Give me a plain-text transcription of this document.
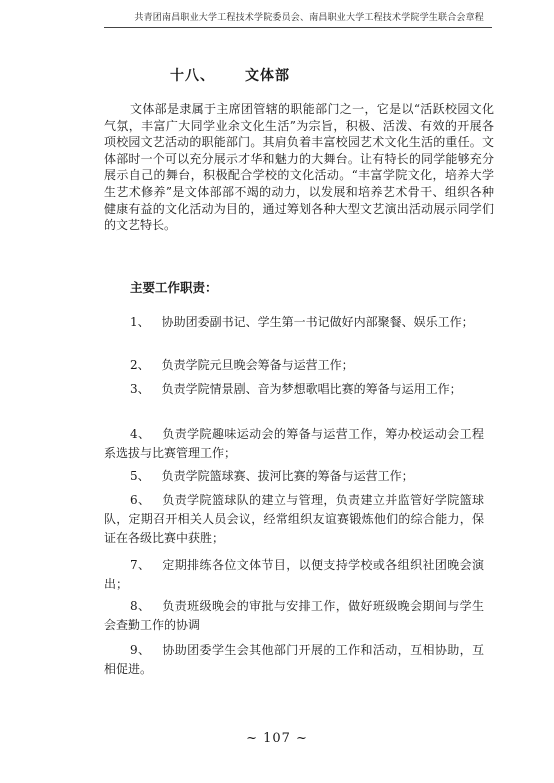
共青团南昌职业大学工程技术学院委员会、南昌职业大学工程技术学院学生联合会章程
十八、 文体部

文体部是隶属于主席团管辖的职能部门之一，它是以“活跃校园文化气氛，丰富广大同学业余文化生活”为宗旨，积极、活泼、有效的开展各项校园文艺活动的职能部门。其肩负着丰富校园艺术文化生活的重任。文体部时一个可以充分展示才华和魅力的大舞台。让有特长的同学能够充分展示自己的舞台，积极配合学校的文化活动。“丰富学院文化，培养大学生艺术修养”是文体部部不竭的动力，以发展和培养艺术骨干、组织各种健康有益的文化活动为目的，通过筹划各种大型文艺演出活动展示同学们的文艺特长。

主要工作职责：

1、 协助团委副书记、学生第一书记做好内部聚餐、娱乐工作；

2、 负责学院元旦晚会筹备与运营工作；

3、 负责学院情景剧、音为梦想歌唱比赛的筹备与运用工作；

4、 负责学院趣味运动会的筹备与运营工作，筹办校运动会工程系选拔与比赛管理工作；

5、 负责学院篮球赛、拔河比赛的筹备与运营工作；

6、 负责学院篮球队的建立与管理，负责建立并监管好学院篮球队，定期召开相关人员会议，经常组织友谊赛锻炼他们的综合能力，保证在各级比赛中获胜；

7、 定期排练各位文体节目，以便支持学校或各组织社团晚会演出；

8、 负责班级晚会的审批与安排工作，做好班级晚会期间与学生会查勤工作的协调

9、 协助团委学生会其他部门开展的工作和活动，互相协助，互相促进。

~ 107 ~
